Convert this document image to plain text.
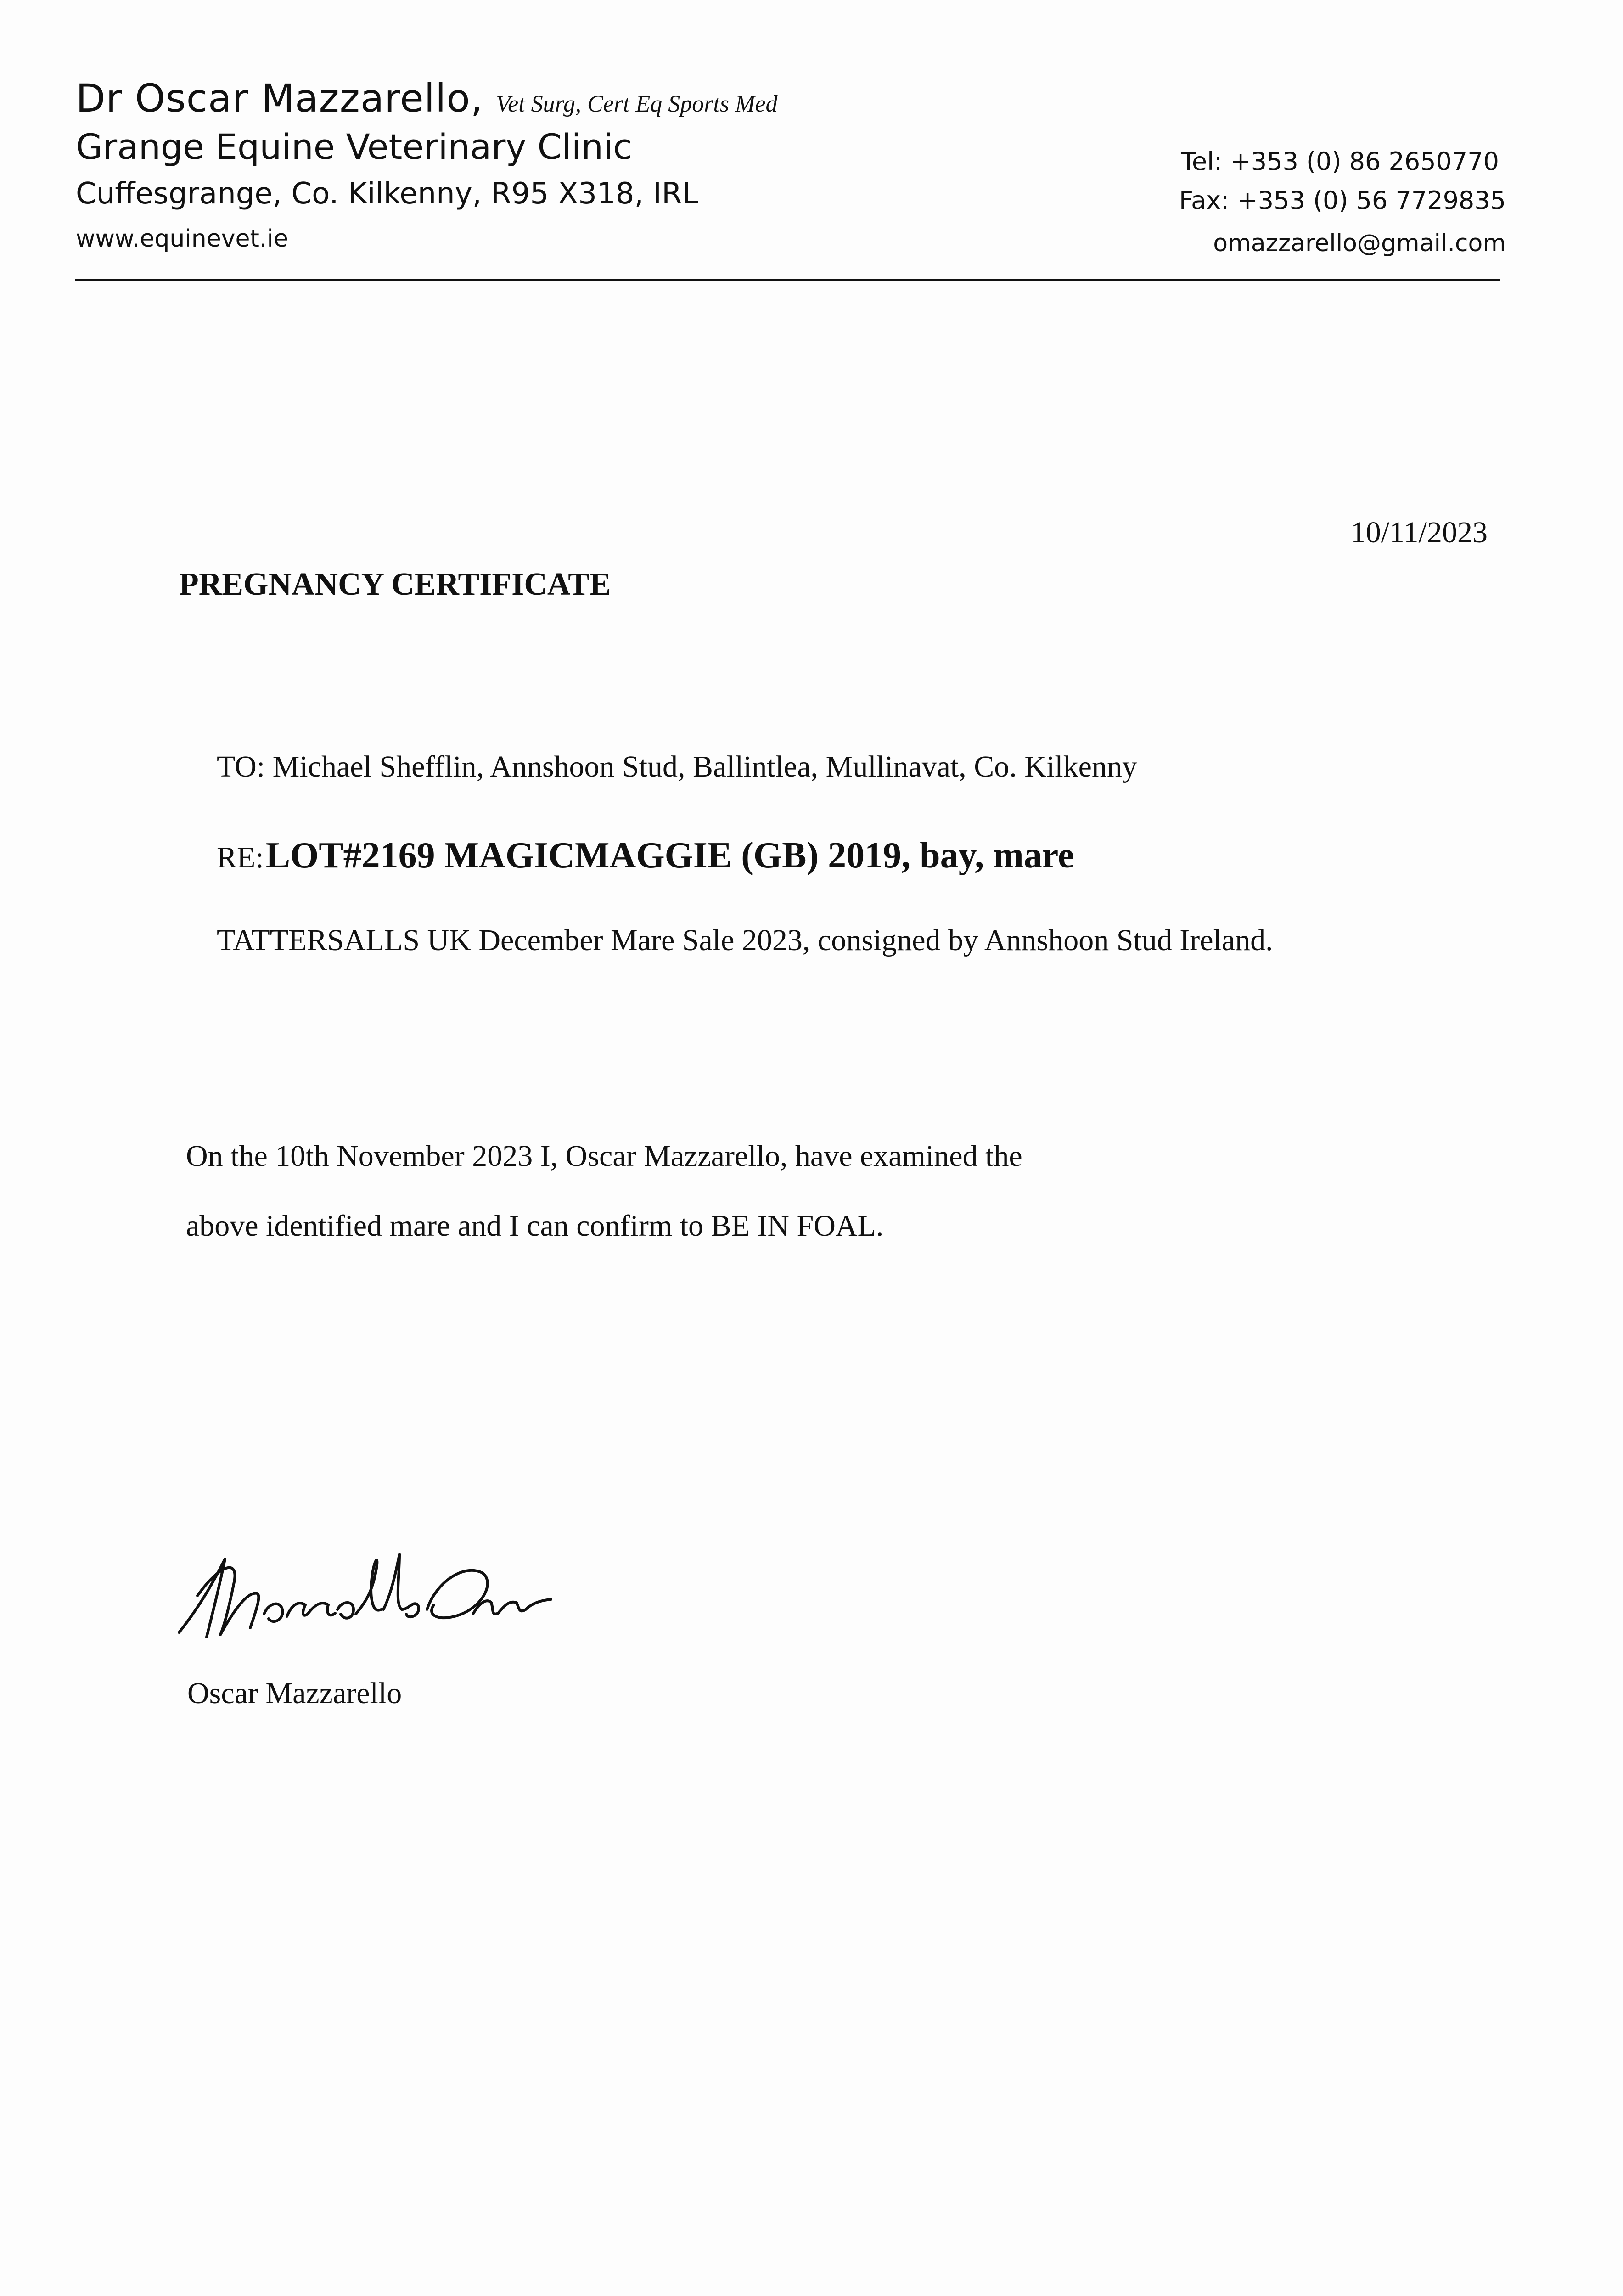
Dr Oscar Mazzarello, Vet Surg, Cert Eq Sports Med
Grange Equine Veterinary Clinic
Cuffesgrange, Co. Kilkenny, R95 X318, IRL
www.equinevet.ie
Tel: +353 (0) 86 2650770
Fax: +353 (0) 56 7729835
omazzarello@gmail.com
10/11/2023
PREGNANCY CERTIFICATE
TO: Michael Shefflin, Annshoon Stud, Ballintlea, Mullinavat, Co. Kilkenny
RE: LOT#2169 MAGICMAGGIE (GB) 2019, bay, mare
TATTERSALLS UK December Mare Sale 2023, consigned by Annshoon Stud Ireland.
On the 10th November 2023 I, Oscar Mazzarello, have examined the
above identified mare and I can confirm to BE IN FOAL.
Oscar Mazzarello
